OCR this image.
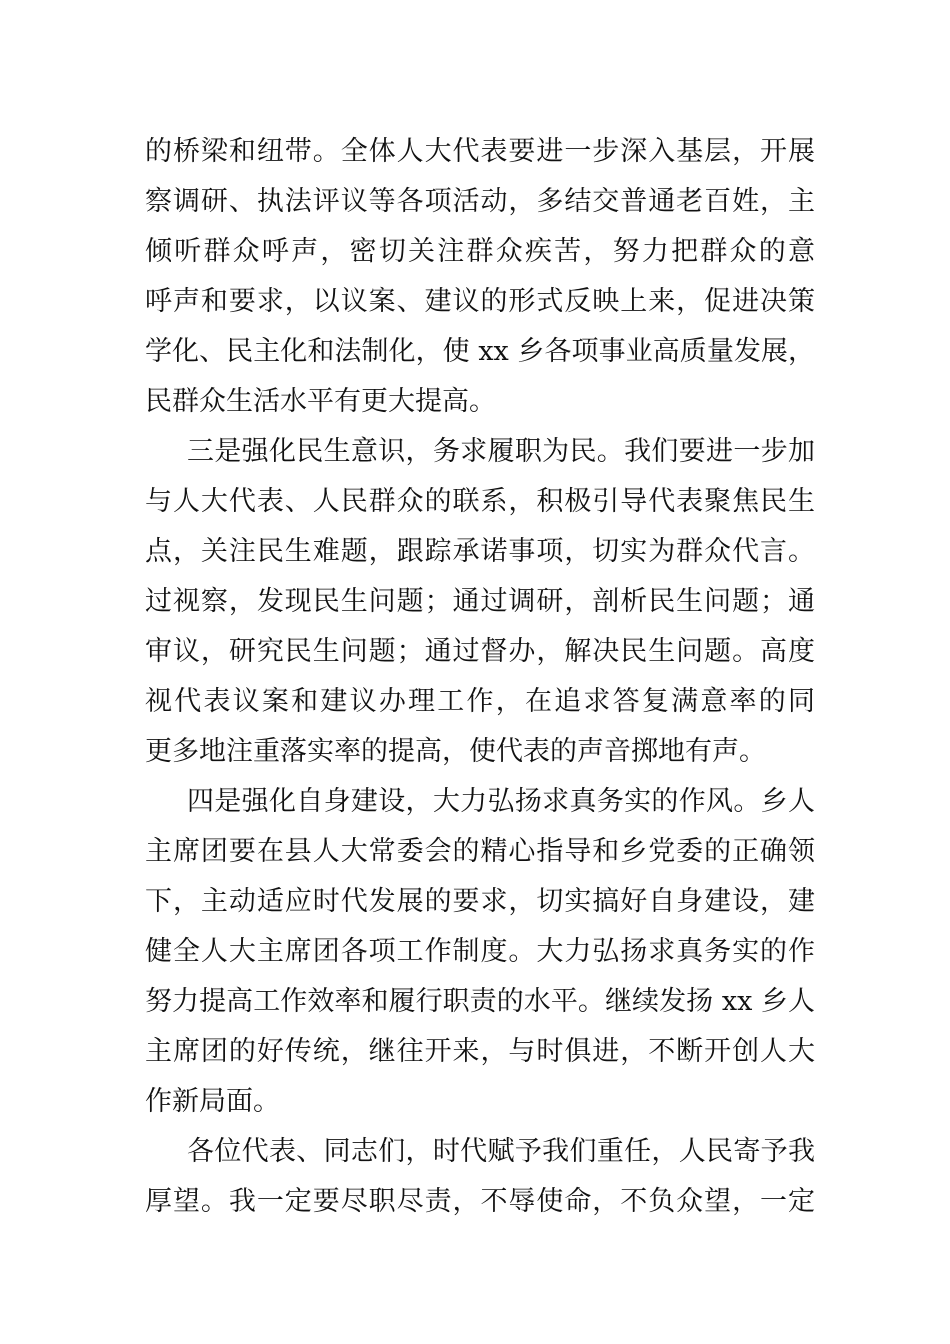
的桥梁和纽带。全体人大代表要进一步深入基层，开展
察调研、执法评议等各项活动，多结交普通老百姓，主
倾听群众呼声，密切关注群众疾苦，努力把群众的意
呼声和要求，以议案、建议的形式反映上来，促进决策
学化、民主化和法制化，使 xx 乡各项事业高质量发展，
民群众生活水平有更大提高。
三是强化民生意识，务求履职为民。我们要进一步加
与人大代表、人民群众的联系，积极引导代表聚焦民生
点，关注民生难题，跟踪承诺事项，切实为群众代言。
过视察，发现民生问题；通过调研，剖析民生问题；通
审议，研究民生问题；通过督办，解决民生问题。高度
视代表议案和建议办理工作，在追求答复满意率的同
更多地注重落实率的提高，使代表的声音掷地有声。
四是强化自身建设，大力弘扬求真务实的作风。乡人
主席团要在县人大常委会的精心指导和乡党委的正确领
下，主动适应时代发展的要求，切实搞好自身建设，建
健全人大主席团各项工作制度。大力弘扬求真务实的作
努力提高工作效率和履行职责的水平。继续发扬 xx 乡人
主席团的好传统，继往开来，与时俱进，不断开创人大
作新局面。
各位代表、同志们，时代赋予我们重任，人民寄予我
厚望。我一定要尽职尽责，不辱使命，不负众望，一定
